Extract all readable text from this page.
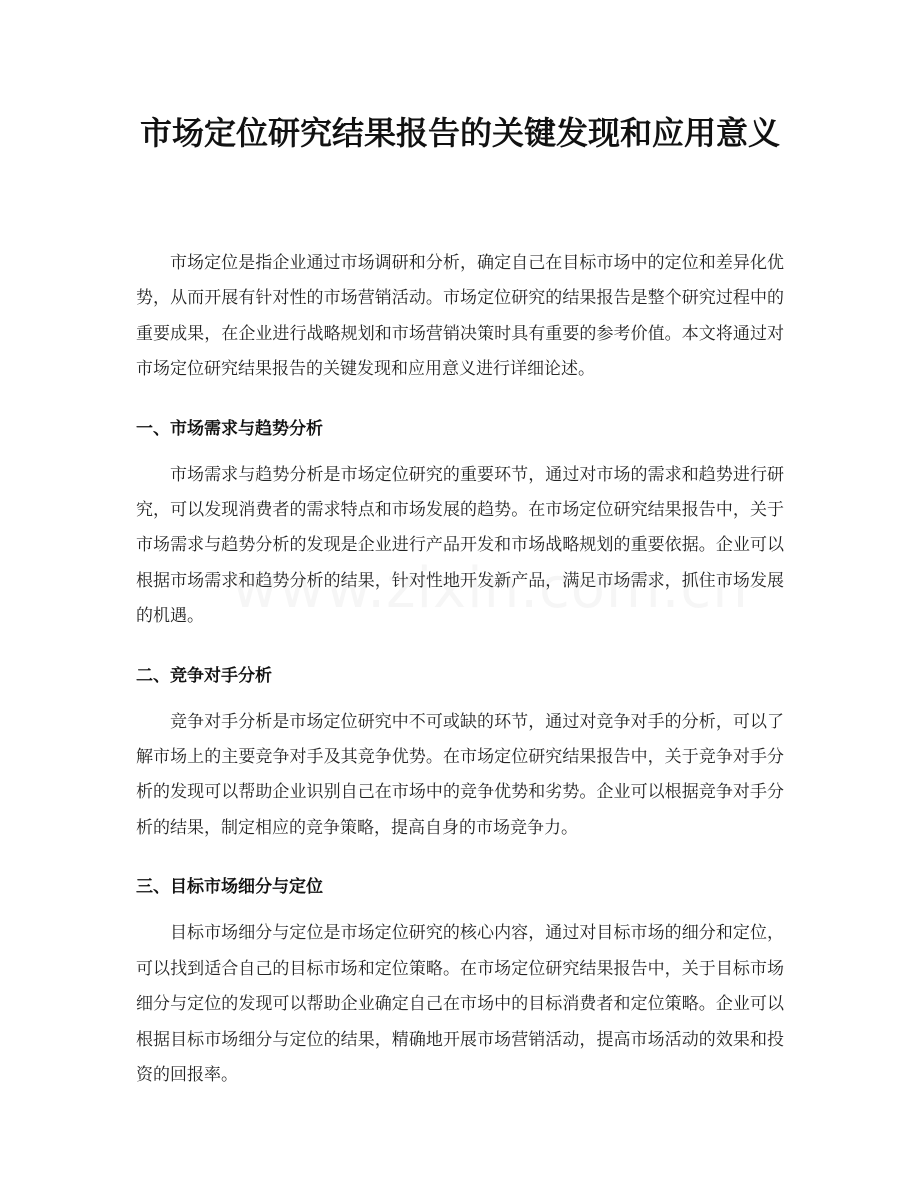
市场定位研究结果报告的关键发现和应用意义

市场定位是指企业通过市场调研和分析，确定自己在目标市场中的定位和差异化优势，从而开展有针对性的市场营销活动。市场定位研究的结果报告是整个研究过程中的重要成果，在企业进行战略规划和市场营销决策时具有重要的参考价值。本文将通过对市场定位研究结果报告的关键发现和应用意义进行详细论述。

一、市场需求与趋势分析

市场需求与趋势分析是市场定位研究的重要环节，通过对市场的需求和趋势进行研究，可以发现消费者的需求特点和市场发展的趋势。在市场定位研究结果报告中，关于市场需求与趋势分析的发现是企业进行产品开发和市场战略规划的重要依据。企业可以根据市场需求和趋势分析的结果，针对性地开发新产品，满足市场需求，抓住市场发展的机遇。

二、竞争对手分析

竞争对手分析是市场定位研究中不可或缺的环节，通过对竞争对手的分析，可以了解市场上的主要竞争对手及其竞争优势。在市场定位研究结果报告中，关于竞争对手分析的发现可以帮助企业识别自己在市场中的竞争优势和劣势。企业可以根据竞争对手分析的结果，制定相应的竞争策略，提高自身的市场竞争力。

三、目标市场细分与定位

目标市场细分与定位是市场定位研究的核心内容，通过对目标市场的细分和定位，可以找到适合自己的目标市场和定位策略。在市场定位研究结果报告中，关于目标市场细分与定位的发现可以帮助企业确定自己在市场中的目标消费者和定位策略。企业可以根据目标市场细分与定位的结果，精确地开展市场营销活动，提高市场活动的效果和投资的回报率。
